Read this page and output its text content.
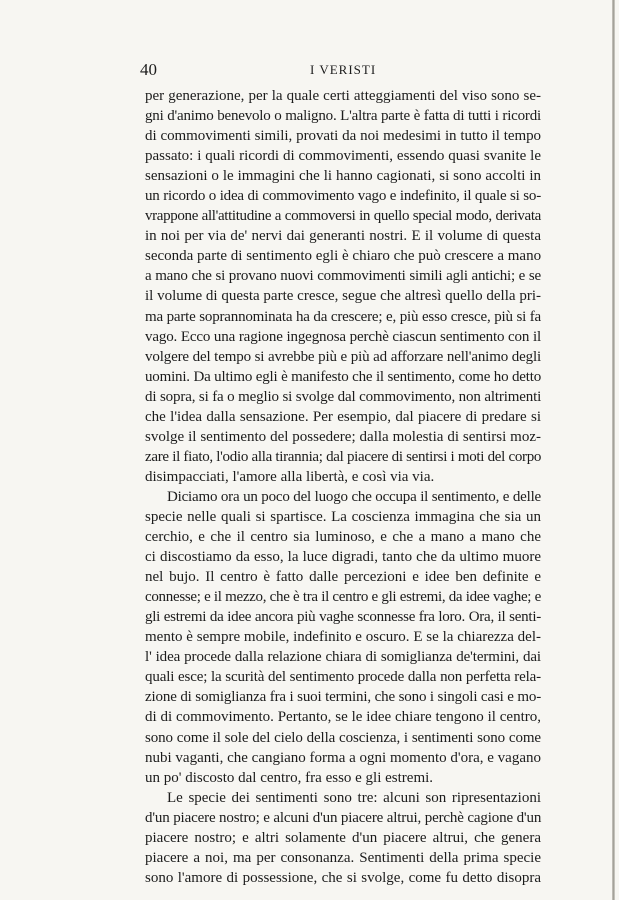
40	I VERISTI
per generazione, per la quale certi atteggiamenti del viso sono se-
gni d'animo benevolo o maligno. L'altra parte è fatta di tutti i ricordi
di commovimenti simili, provati da noi medesimi in tutto il tempo
passato: i quali ricordi di commovimenti, essendo quasi svanite le
sensazioni o le immagini che li hanno cagionati, si sono accolti in
un ricordo o idea di commovimento vago e indefinito, il quale si so-
vrappone all'attitudine a commoversi in quello special modo, derivata
in noi per via de' nervi dai generanti nostri. E il volume di questa
seconda parte di sentimento egli è chiaro che può crescere a mano
a mano che si provano nuovi commovimenti simili agli antichi; e se
il volume di questa parte cresce, segue che altresì quello della pri-
ma parte soprannominata ha da crescere; e, più esso cresce, più si fa
vago. Ecco una ragione ingegnosa perchè ciascun sentimento con il
volgere del tempo si avrebbe più e più ad afforzare nell'animo degli
uomini. Da ultimo egli è manifesto che il sentimento, come ho detto
di sopra, si fa o meglio si svolge dal commovimento, non altrimenti
che l'idea dalla sensazione. Per esempio, dal piacere di predare si
svolge il sentimento del possedere; dalla molestia di sentirsi moz-
zare il fiato, l'odio alla tirannia; dal piacere di sentirsi i moti del corpo
disimpacciati, l'amore alla libertà, e così via via.
Diciamo ora un poco del luogo che occupa il sentimento, e delle
specie nelle quali si spartisce. La coscienza immagina che sia un
cerchio, e che il centro sia luminoso, e che a mano a mano che
ci discostiamo da esso, la luce digradi, tanto che da ultimo muore
nel bujo. Il centro è fatto dalle percezioni e idee ben definite e
connesse; e il mezzo, che è tra il centro e gli estremi, da idee vaghe; e
gli estremi da idee ancora più vaghe sconnesse fra loro. Ora, il senti-
mento è sempre mobile, indefinito e oscuro. E se la chiarezza del-
l' idea procede dalla relazione chiara di somiglianza de'termini, dai
quali esce; la scurità del sentimento procede dalla non perfetta rela-
zione di somiglianza fra i suoi termini, che sono i singoli casi e mo-
di di commovimento. Pertanto, se le idee chiare tengono il centro,
sono come il sole del cielo della coscienza, i sentimenti sono come
nubi vaganti, che cangiano forma a ogni momento d'ora, e vagano
un po' discosto dal centro, fra esso e gli estremi.
Le specie dei sentimenti sono tre: alcuni son ripresentazioni
d'un piacere nostro; e alcuni d'un piacere altrui, perchè cagione d'un
piacere nostro; e altri solamente d'un piacere altrui, che genera
piacere a noi, ma per consonanza. Sentimenti della prima specie
sono l'amore di possessione, che si svolge, come fu detto disopra
